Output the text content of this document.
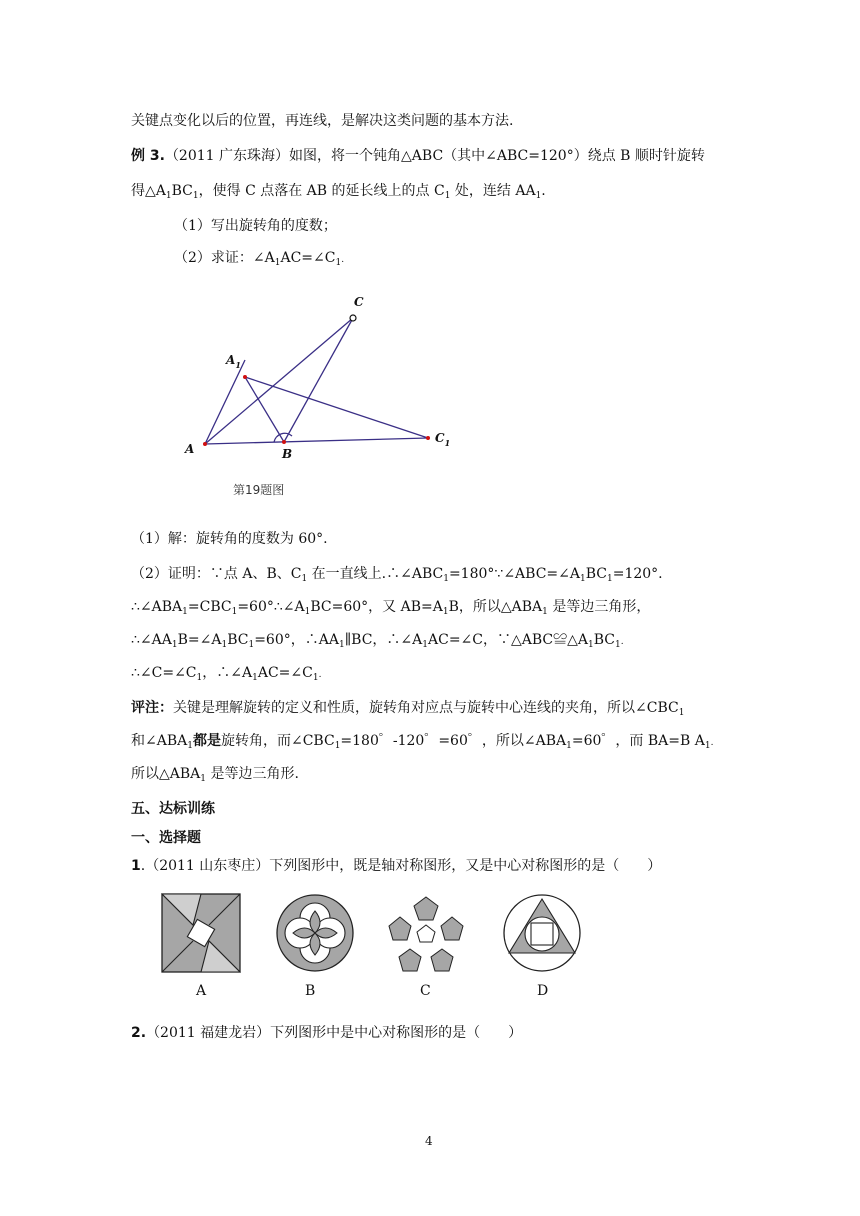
关键点变化以后的位置，再连线，是解决这类问题的基本方法.
例 3.（2011 广东珠海）如图，将一个钝角△ABC（其中∠ABC=120°）绕点 B 顺时针旋转
得$\triangle A_1BC_1$，使得 C 点落在 AB 的延长线上的点 $C_1$ 处，连结 $AA_1$.
（1）写出旋转角的度数；
（2）求证：$\angle A_1AC=\angle C_1$.
A	B
C
$A_1$
$C_1$
第19题图
（1）解：旋转角的度数为 60°.
（2）证明：∵点 A、B、$C_1$ 在一直线上$.\therefore\angle ABC_1=180^\circ\because\angle ABC=\angle A_1BC_1=120^\circ$.
$\therefore\angle ABA_1=CBC_1=60^\circ\therefore\angle A_1BC=60^\circ$，又 $AB=A_1B$，所以$\triangle ABA_1$ 是等边三角形，
$\therefore\angle AA_1B=\angle A_1BC_1=60^\circ$，$\therefore AA_1\parallel BC$，$\therefore\angle A_1AC=\angle C$，$\because\triangle ABC≌\triangle A_1BC_1$.
$\therefore\angle C=\angle C_1$，$\therefore\angle A_1AC=\angle C_1$.
评注：关键是理解旋转的定义和性质，旋转角对应点与旋转中心连线的夹角，所以$\angle CBC_1$
和$\angle ABA_1$都是旋转角，而$\angle CBC_1=180$゜-120゜=60゜，所以$\angle ABA_1=60$゜，而 BA=B $A_1$.
所以$\triangle ABA_1$ 是等边三角形.
五、达标训练
一、选择题
1.（2011 山东枣庄）下列图形中，既是轴对称图形，又是中心对称图形的是（　　）
A	B	C	D
2.（2011 福建龙岩）下列图形中是中心对称图形的是（　　）
4
